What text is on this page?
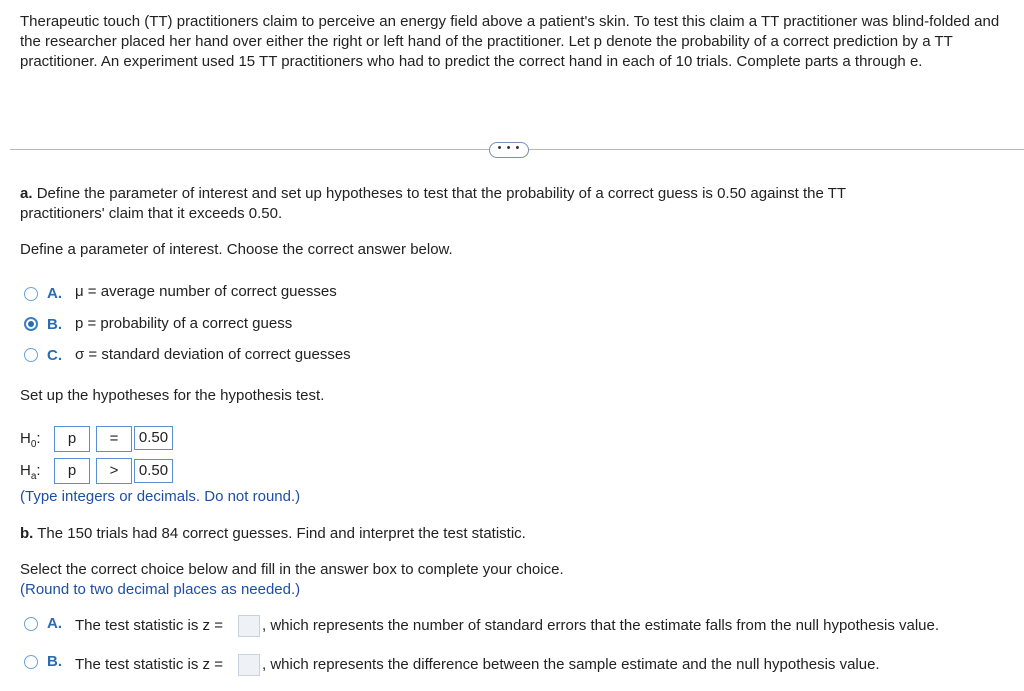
Therapeutic touch (TT) practitioners claim to perceive an energy field above a patient's skin. To test this claim a TT practitioner was blind-folded and the researcher placed her hand over either the right or left hand of the practitioner. Let p denote the probability of a correct prediction by a TT practitioner. An experiment used 15 TT practitioners who had to predict the correct hand in each of 10 trials. Complete parts a through e.
• • •
a. Define the parameter of interest and set up hypotheses to test that the probability of a correct guess is 0.50 against the TT practitioners' claim that it exceeds 0.50.
Define a parameter of interest. Choose the correct answer below.
A. μ = average number of correct guesses
B. p = probability of a correct guess
C. σ = standard deviation of correct guesses
Set up the hypotheses for the hypothesis test.
$H_0$:	p	=	0.50
$H_a$:	p	>	0.50
(Type integers or decimals. Do not round.)
b. The 150 trials had 84 correct guesses. Find and interpret the test statistic.
Select the correct choice below and fill in the answer box to complete your choice.
(Round to two decimal places as needed.)
A. The test statistic is z =	, which represents the number of standard errors that the estimate falls from the null hypothesis value.
B. The test statistic is z =	, which represents the difference between the sample estimate and the null hypothesis value.
